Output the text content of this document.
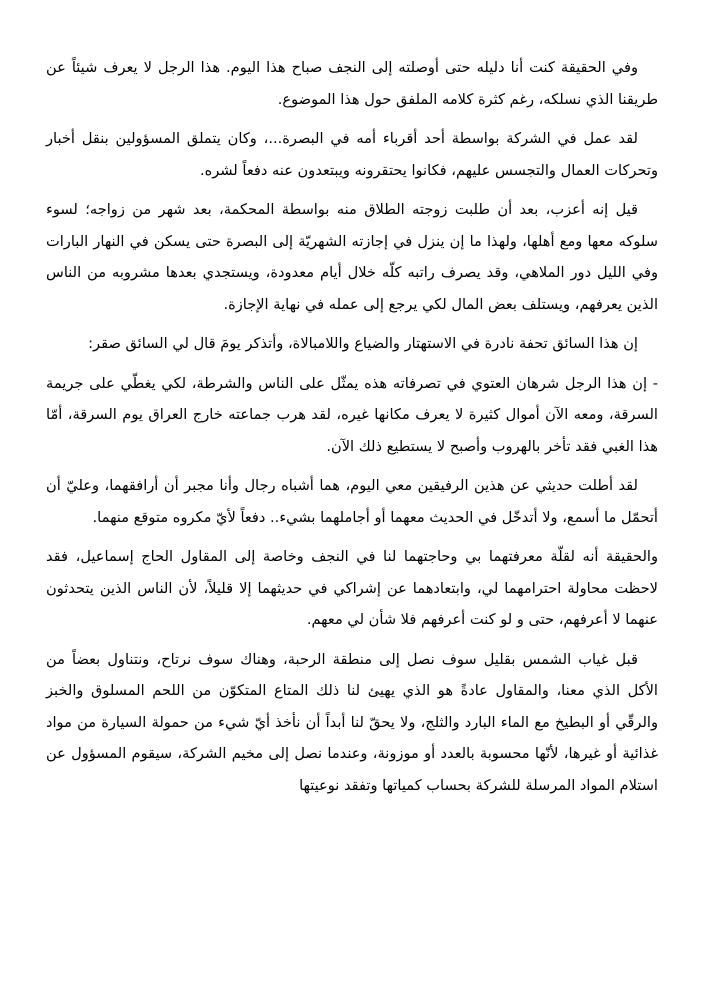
وفي الحقيقة كنت أنا دليله حتى أوصلته إلى النجف صباح هذا اليوم. هذا الرجل لا يعرف شيئاً عن طريقنا الذي نسلكه، رغم كثرة كلامه الملفق حول هذا الموضوع.

لقد عمل في الشركة بواسطة أحد أقرباء أمه في البصرة...، وكان يتملق المسؤولين بنقل أخبار وتحركات العمال والتجسس عليهم، فكانوا يحتقرونه ويبتعدون عنه دفعاً لشره.

قيل إنه أعزب، بعد أن طلبت زوجته الطلاق منه بواسطة المحكمة، بعد شهر من زواجه؛ لسوء سلوكه معها ومع أهلها، ولهذا ما إن ينزل في إجازته الشهريّة إلى البصرة حتى يسكن في النهار البارات وفي الليل دور الملاهي، وقد يصرف راتبه كلّه خلال أيام معدودة، ويستجدي بعدها مشروبه من الناس الذين يعرفهم، ويستلف بعض المال لكي يرجع إلى عمله في نهاية الإجازة.

إن هذا السائق تحفة نادرة في الاستهتار والضياع واللامبالاة، وأتذكر يومَ قال لي السائق صقر:

- إن هذا الرجل شرهان العتوي في تصرفاته هذه يمثّل على الناس والشرطة، لكي يغطّي على جريمة السرقة، ومعه الآن أموال كثيرة لا يعرف مكانها غيره، لقد هرب جماعته خارج العراق يوم السرقة، أمّا هذا الغبي فقد تأخر بالهروب وأصبح لا يستطيع ذلك الآن.

لقد أطلت حديثي عن هذين الرفيقين معي اليوم، هما أشباه رجال وأنا مجبر أن أرافقهما، وعليّ أن أتحمّل ما أسمع، ولا أتدخّل في الحديث معهما أو أجاملهما بشيء.. دفعاً لأيّ مكروه متوقع منهما.

والحقيقة أنه لقلّة معرفتهما بي وحاجتهما لنا في النجف وخاصة إلى المقاول الحاج إسماعيل، فقد لاحظت محاولة احترامهما لي، وابتعادهما عن إشراكي في حديثهما إلا قليلاً، لأن الناس الذين يتحدثون عنهما لا أعرفهم، حتى و لو كنت أعرفهم فلا شأن لي معهم.

قبل غياب الشمس بقليل سوف نصل إلى منطقة الرحبة، وهناك سوف نرتاح، ونتناول بعضاً من الأكل الذي معنا، والمقاول عادةً هو الذي يهيئ لنا ذلك المتاع المتكوّن من اللحم المسلوق والخبز والرقّي أو البطيخ مع الماء البارد والثلج، ولا يحقّ لنا أبداً أن نأخذ أيّ شيء من حمولة السيارة من مواد غذائية أو غيرها، لأنّها محسوبة بالعدد أو موزونة، وعندما نصل إلى مخيم الشركة، سيقوم المسؤول عن استلام المواد المرسلة للشركة بحساب كمياتها وتفقد نوعيتها
